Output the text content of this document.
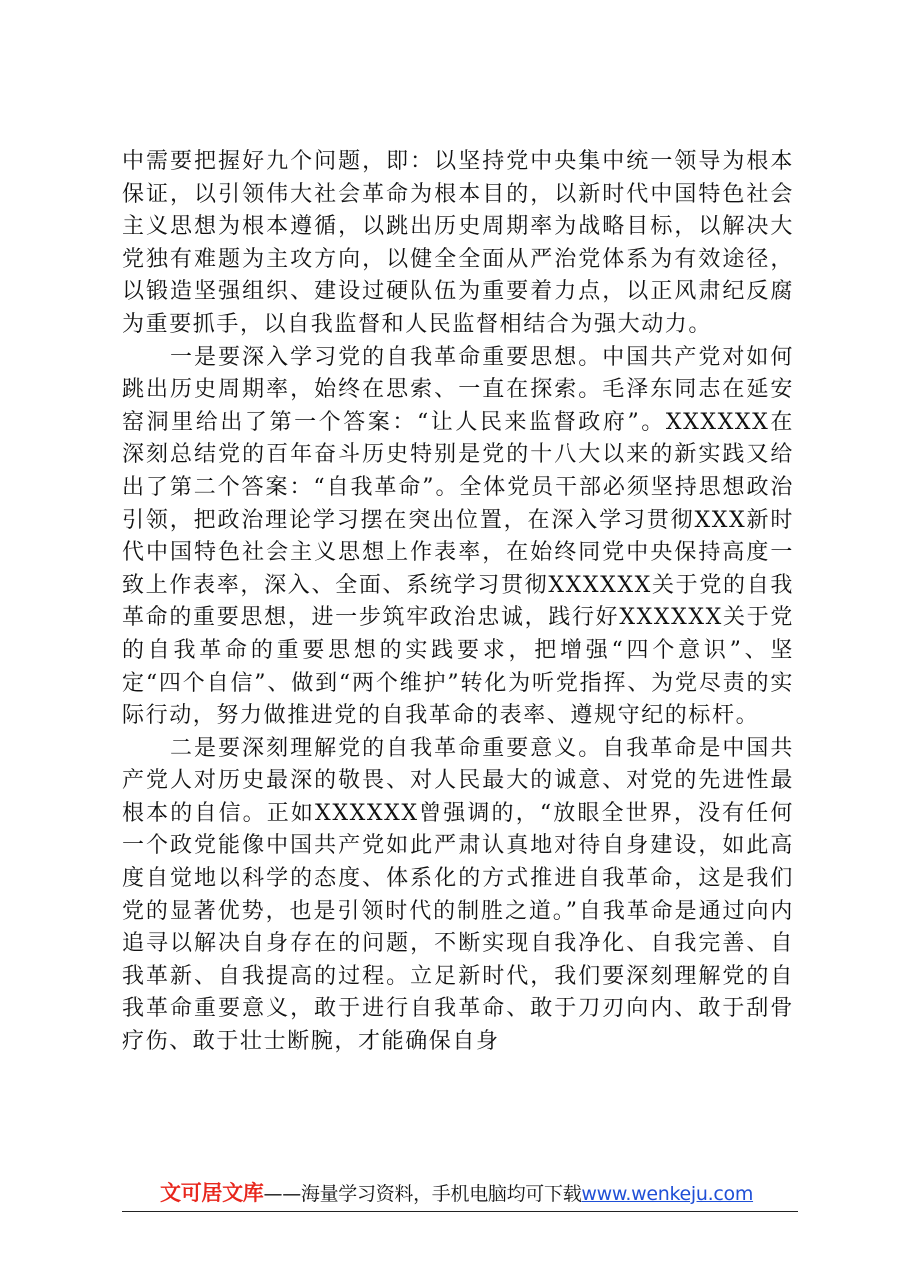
中需要把握好九个问题，即：以坚持党中央集中统一领导为根本保证，以引领伟大社会革命为根本目的，以新时代中国特色社会主义思想为根本遵循，以跳出历史周期率为战略目标，以解决大党独有难题为主攻方向，以健全全面从严治党体系为有效途径，以锻造坚强组织、建设过硬队伍为重要着力点，以正风肃纪反腐为重要抓手，以自我监督和人民监督相结合为强大动力。

一是要深入学习党的自我革命重要思想。中国共产党对如何跳出历史周期率，始终在思索、一直在探索。毛泽东同志在延安窑洞里给出了第一个答案：“让人民来监督政府”。XXXXXX在深刻总结党的百年奋斗历史特别是党的十八大以来的新实践又给出了第二个答案：“自我革命”。全体党员干部必须坚持思想政治引领，把政治理论学习摆在突出位置，在深入学习贯彻XXX新时代中国特色社会主义思想上作表率，在始终同党中央保持高度一致上作表率，深入、全面、系统学习贯彻XXXXXX关于党的自我革命的重要思想，进一步筑牢政治忠诚，践行好XXXXXX关于党的自我革命的重要思想的实践要求，把增强“四个意识”、坚定“四个自信”、做到“两个维护”转化为听党指挥、为党尽责的实际行动，努力做推进党的自我革命的表率、遵规守纪的标杆。

二是要深刻理解党的自我革命重要意义。自我革命是中国共产党人对历史最深的敬畏、对人民最大的诚意、对党的先进性最根本的自信。正如XXXXXX曾强调的，“放眼全世界，没有任何一个政党能像中国共产党如此严肃认真地对待自身建设，如此高度自觉地以科学的态度、体系化的方式推进自我革命，这是我们党的显著优势，也是引领时代的制胜之道。”自我革命是通过向内追寻以解决自身存在的问题，不断实现自我净化、自我完善、自我革新、自我提高的过程。立足新时代，我们要深刻理解党的自我革命重要意义，敢于进行自我革命、敢于刀刃向内、敢于刮骨疗伤、敢于壮士断腕，才能确保自身

文可居文库——海量学习资料，手机电脑均可下载www.wenkeju.com
